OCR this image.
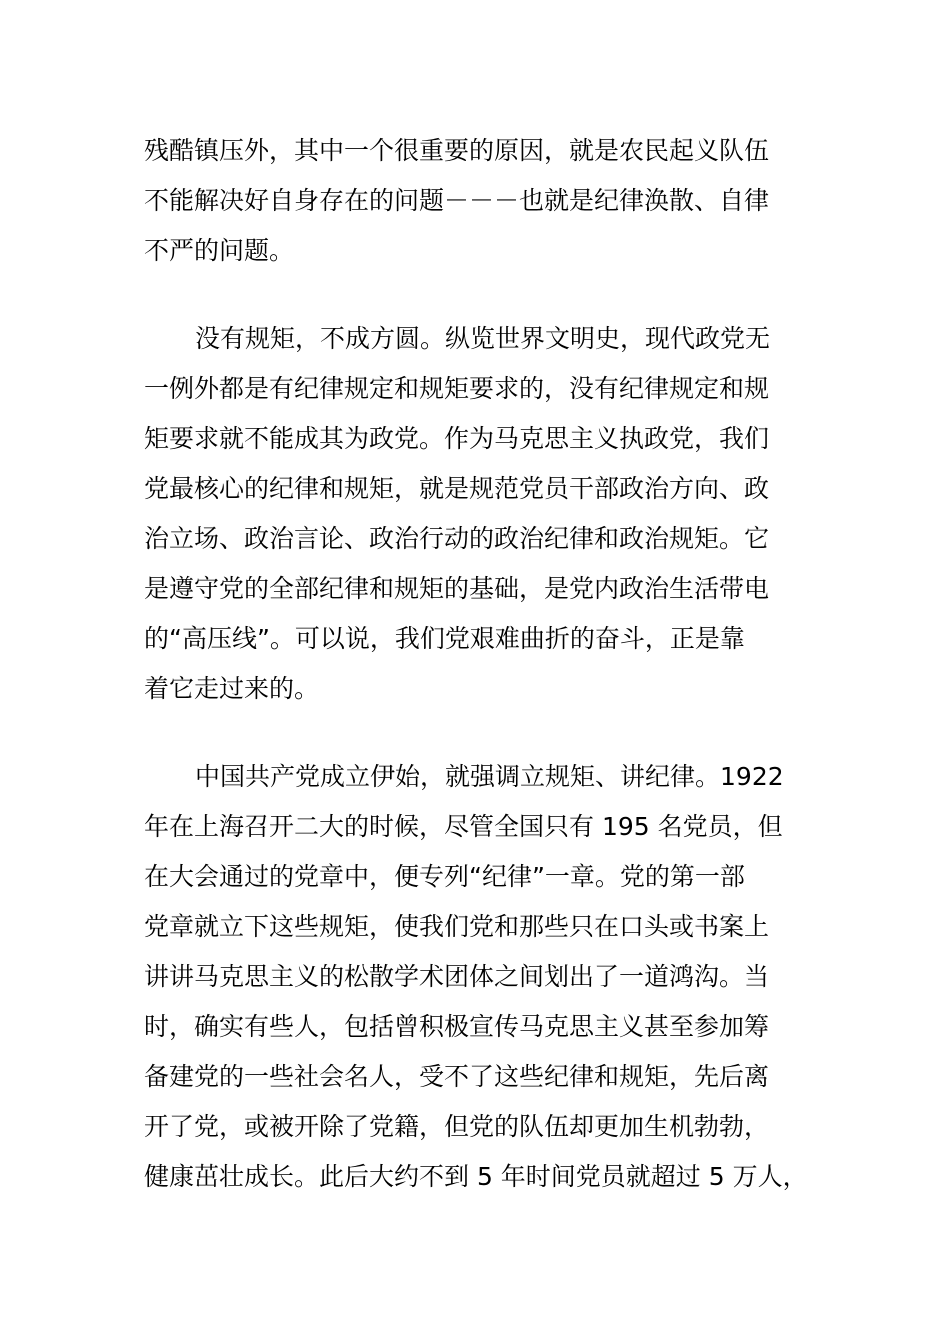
残酷镇压外，其中一个很重要的原因，就是农民起义队伍
不能解决好自身存在的问题－－－也就是纪律涣散、自律
不严的问题。
没有规矩，不成方圆。纵览世界文明史，现代政党无
一例外都是有纪律规定和规矩要求的，没有纪律规定和规
矩要求就不能成其为政党。作为马克思主义执政党，我们
党最核心的纪律和规矩，就是规范党员干部政治方向、政
治立场、政治言论、政治行动的政治纪律和政治规矩。它
是遵守党的全部纪律和规矩的基础，是党内政治生活带电
的“高压线”。可以说，我们党艰难曲折的奋斗，正是靠
着它走过来的。
中国共产党成立伊始，就强调立规矩、讲纪律。1922
年在上海召开二大的时候，尽管全国只有 195 名党员，但
在大会通过的党章中，便专列“纪律”一章。党的第一部
党章就立下这些规矩，使我们党和那些只在口头或书案上
讲讲马克思主义的松散学术团体之间划出了一道鸿沟。当
时，确实有些人，包括曾积极宣传马克思主义甚至参加筹
备建党的一些社会名人，受不了这些纪律和规矩，先后离
开了党，或被开除了党籍，但党的队伍却更加生机勃勃，
健康茁壮成长。此后大约不到 5 年时间党员就超过 5 万人，
